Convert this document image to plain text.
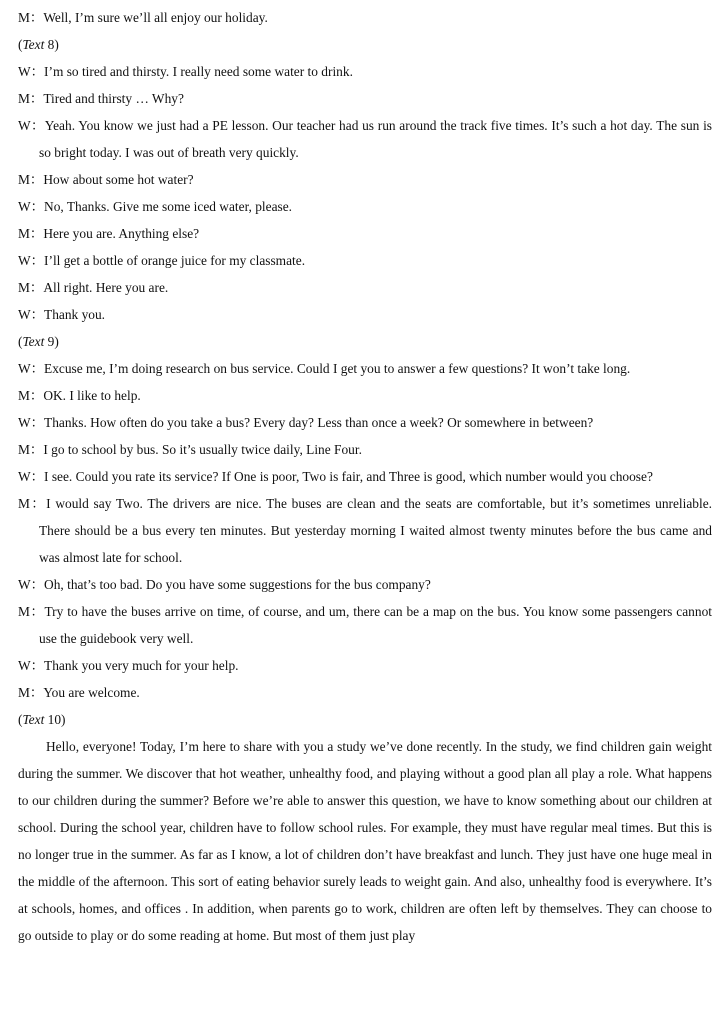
M：Well, I’m sure we’ll all enjoy our holiday.

(Text 8)

W：I’m so tired and thirsty. I really need some water to drink.

M：Tired and thirsty … Why?

W：Yeah. You know we just had a PE lesson. Our teacher had us run around the track five times. It’s such a hot day. The sun is so bright today. I was out of breath very quickly.

M：How about some hot water?

W：No, Thanks. Give me some iced water, please.

M：Here you are. Anything else?

W：I’ll get a bottle of orange juice for my classmate.

M：All right. Here you are.

W：Thank you.

(Text 9)

W：Excuse me, I’m doing research on bus service. Could I get you to answer a few questions? It won’t take long.

M：OK. I like to help.

W：Thanks. How often do you take a bus? Every day? Less than once a week? Or somewhere in between?

M：I go to school by bus. So it’s usually twice daily, Line Four.

W：I see. Could you rate its service? If One is poor, Two is fair, and Three is good, which number would you choose?

M：I would say Two. The drivers are nice. The buses are clean and the seats are comfortable, but it’s sometimes unreliable. There should be a bus every ten minutes. But yesterday morning I waited almost twenty minutes before the bus came and was almost late for school.

W：Oh, that’s too bad. Do you have some suggestions for the bus company?

M：Try to have the buses arrive on time, of course, and um, there can be a map on the bus. You know some passengers cannot use the guidebook very well.

W：Thank you very much for your help.

M：You are welcome.

(Text 10)

Hello, everyone! Today, I’m here to share with you a study we’ve done recently. In the study, we find children gain weight during the summer. We discover that hot weather, unhealthy food, and playing without a good plan all play a role. What happens to our children during the summer? Before we’re able to answer this question, we have to know something about our children at school. During the school year, children have to follow school rules. For example, they must have regular meal times. But this is no longer true in the summer. As far as I know, a lot of children don’t have breakfast and lunch. They just have one huge meal in the middle of the afternoon. This sort of eating behavior surely leads to weight gain. And also, unhealthy food is everywhere. It’s at schools, homes, and offices . In addition, when parents go to work, children are often left by themselves. They can choose to go outside to play or do some reading at home. But most of them just play
